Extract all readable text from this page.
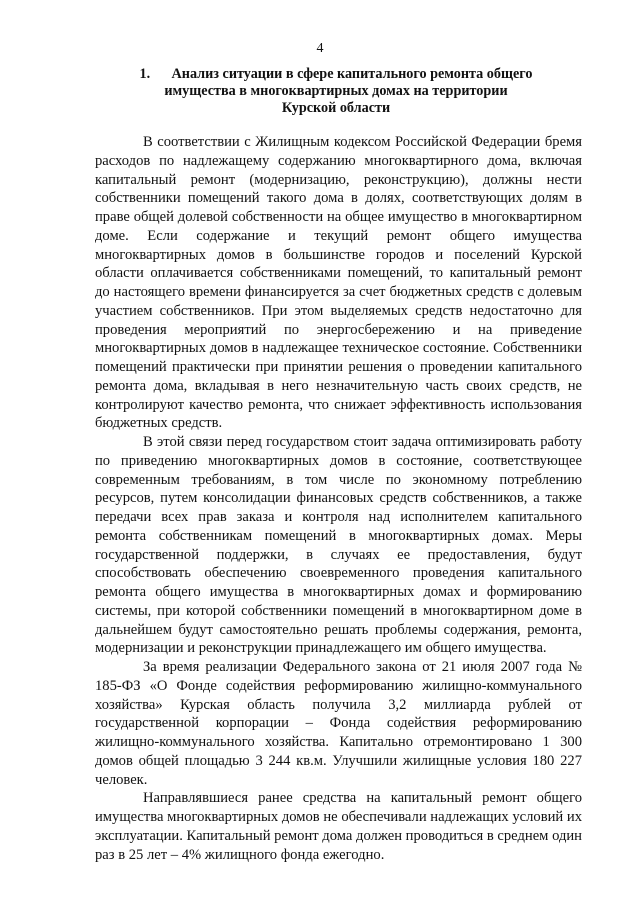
4
1. Анализ ситуации в сфере капитального ремонта общего
имущества в многоквартирных домах на территории
Курской области

В соответствии с Жилищным кодексом Российской Федерации бремя расходов по надлежащему содержанию многоквартирного дома, включая капитальный ремонт (модернизацию, реконструкцию), должны нести собственники помещений такого дома в долях, соответствующих долям в праве общей долевой собственности на общее имущество в многоквартирном доме. Если содержание и текущий ремонт общего имущества многоквартирных домов в большинстве городов и поселений Курской области оплачивается собственниками помещений, то капитальный ремонт до настоящего времени финансируется за счет бюджетных средств с долевым участием собственников. При этом выделяемых средств недостаточно для проведения мероприятий по энергосбережению и на приведение многоквартирных домов в надлежащее техническое состояние. Собственники помещений практически при принятии решения о проведении капитального ремонта дома, вкладывая в него незначительную часть своих средств, не контролируют качество ремонта, что снижает эффективность использования бюджетных средств.

В этой связи перед государством стоит задача оптимизировать работу по приведению многоквартирных домов в состояние, соответствующее современным требованиям, в том числе по экономному потреблению ресурсов, путем консолидации финансовых средств собственников, а также передачи всех прав заказа и контроля над исполнителем капитального ремонта собственникам помещений в многоквартирных домах. Меры государственной поддержки, в случаях ее предоставления, будут способствовать обеспечению своевременного проведения капитального ремонта общего имущества в многоквартирных домах и формированию системы, при которой собственники помещений в многоквартирном доме в дальнейшем будут самостоятельно решать проблемы содержания, ремонта, модернизации и реконструкции принадлежащего им общего имущества.

За время реализации Федерального закона от 21 июля 2007 года № 185-ФЗ «О Фонде содействия реформированию жилищно-коммунального хозяйства» Курская область получила 3,2 миллиарда рублей от государственной корпорации – Фонда содействия реформированию жилищно-коммунального хозяйства. Капитально отремонтировано 1 300 домов общей площадью 3 244 кв.м. Улучшили жилищные условия 180 227 человек.

Направлявшиеся ранее средства на капитальный ремонт общего имущества многоквартирных домов не обеспечивали надлежащих условий их эксплуатации. Капитальный ремонт дома должен проводиться в среднем один раз в 25 лет – 4% жилищного фонда ежегодно.
